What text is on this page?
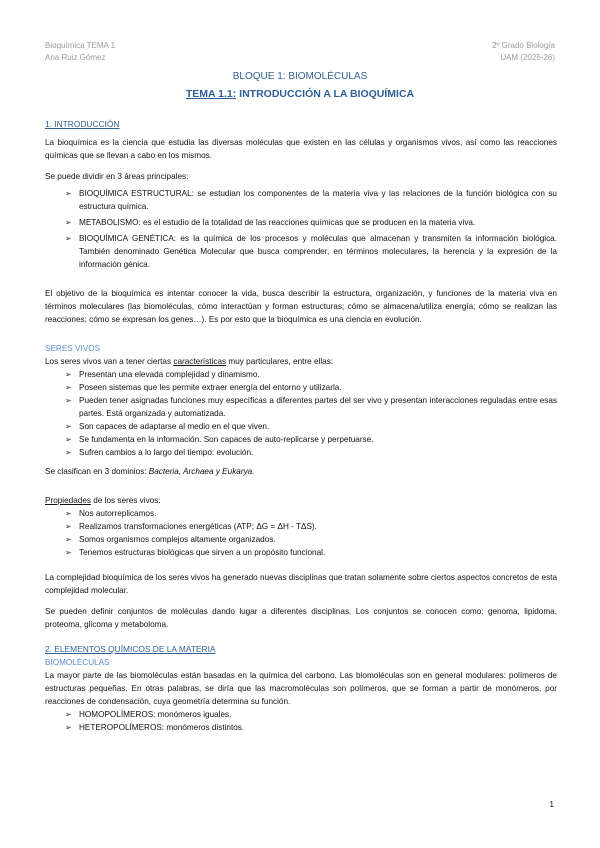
Bioquímica TEMA 1
Ana Ruiz Gómez
2º Grado Biología
UAM (2025-26)
BLOQUE 1: BIOMOLÉCULAS
TEMA 1.1: INTRODUCCIÓN A LA BIOQUÍMICA
1. INTRODUCCIÓN

La bioquímica es la ciencia que estudia las diversas moléculas que existen en las células y organismos vivos, así como las reacciones químicas que se llevan a cabo en los mismos.

Se puede dividir en 3 áreas principales:

➢ BIOQUÍMICA ESTRUCTURAL: se estudian los componentes de la materia viva y las relaciones de la función biológica con su estructura química.
➢ METABOLISMO: es el estudio de la totalidad de las reacciones químicas que se producen en la materia viva.
➢ BIOQUÍMICA GENÉTICA: es la química de los procesos y moléculas que almacenan y transmiten la información biológica. También denominado Genética Molecular que busca comprender, en términos moleculares, la herencia y la expresión de la información génica.

El objetivo de la bioquímica es intentar conocer la vida, busca describir la estructura, organización, y funciones de la materia viva en términos moleculares (las biomoléculas, cómo interactúan y forman estructuras; cómo se almacena/utiliza energía; cómo se realizan las reacciones; cómo se expresan los genes…). Es por esto que la bioquímica es una ciencia en evolución.

SERES VIVOS

Los seres vivos van a tener ciertas características muy particulares, entre ellas:

➢ Presentan una elevada complejidad y dinamismo.
➢ Poseen sistemas que les permite extraer energía del entorno y utilizarla.
➢ Pueden tener asignadas funciones muy específicas a diferentes partes del ser vivo y presentan interacciones reguladas entre esas partes. Está organizada y automatizada.
➢ Son capaces de adaptarse al medio en el que viven.
➢ Se fundamenta en la información. Son capaces de auto-replicarse y perpetuarse.
➢ Sufren cambios a lo largo del tiempo: evolución.

Se clasifican en 3 dominios: Bacteria, Archaea y Eukarya.

Propiedades de los seres vivos:

➢ Nos autorreplicamos.
➢ Realizamos transformaciones energéticas (ATP; ΔG = ΔH - TΔS).
➢ Somos organismos complejos altamente organizados.
➢ Tenemos estructuras biológicas que sirven a un propósito funcional.

La complejidad bioquímica de los seres vivos ha generado nuevas disciplinas que tratan solamente sobre ciertos aspectos concretos de esta complejidad molecular.

Se pueden definir conjuntos de moléculas dando lugar a diferentes disciplinas. Los conjuntos se conocen como: genoma, lipidoma, proteoma, glicoma y metaboloma.

2. ELEMENTOS QUÍMICOS DE LA MATERIA
BIOMOLÉCULAS

La mayor parte de las biomoléculas están basadas en la química del carbono. Las biomoléculas son en general modulares: polímeros de estructuras pequeñas. En otras palabras, se diría que las macromoléculas son polímeros, que se forman a partir de monómeros, por reacciones de condensación, cuya geometría determina su función.

➢ HOMOPOLÍMEROS: monómeros iguales.
➢ HETEROPOLÍMEROS: monómeros distintos.
1
